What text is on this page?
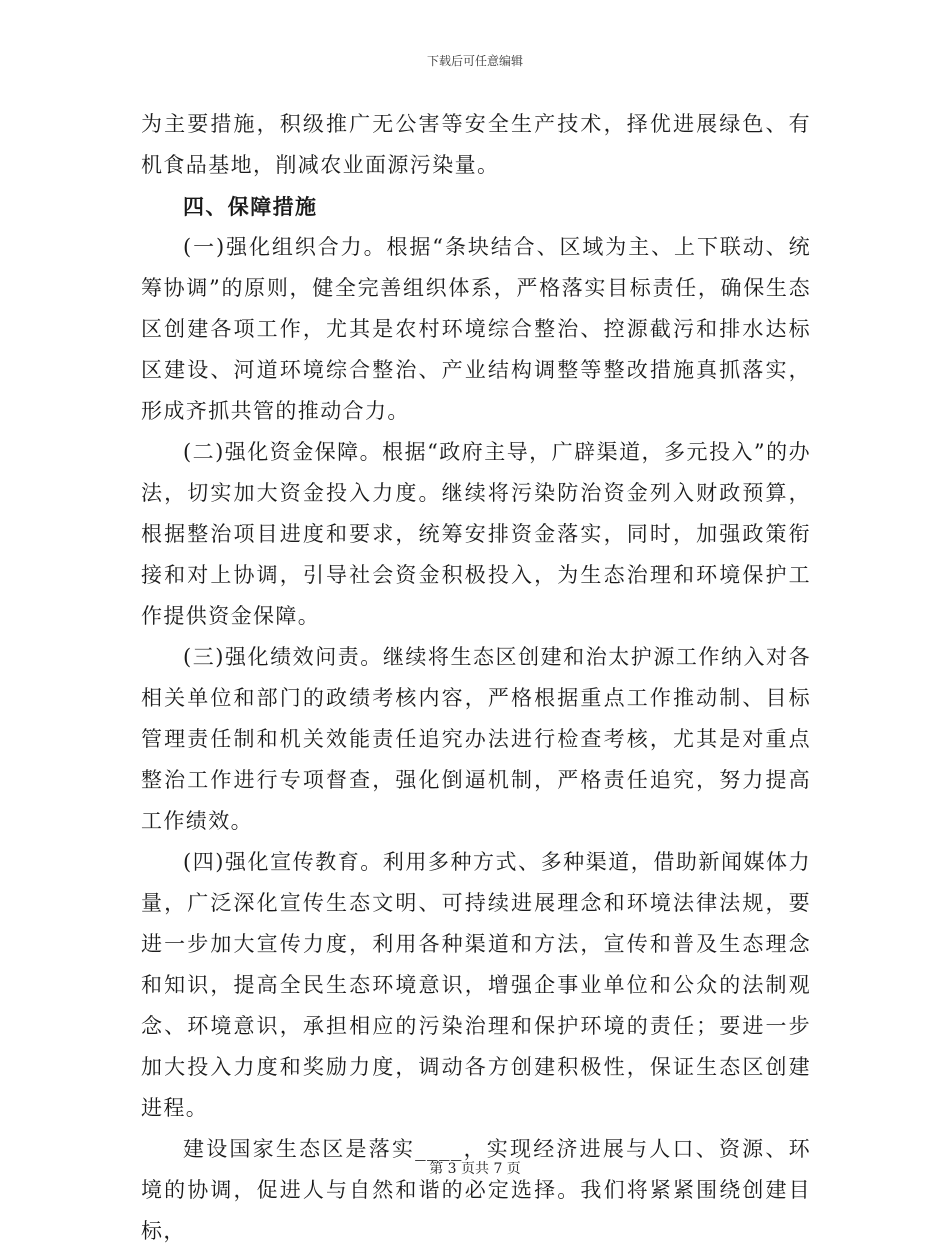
下载后可任意编辑

为主要措施，积级推广无公害等安全生产技术，择优进展绿色、有机食品基地，削减农业面源污染量。

四、保障措施

(一)强化组织合力。根据“条块结合、区域为主、上下联动、统筹协调”的原则，健全完善组织体系，严格落实目标责任，确保生态区创建各项工作，尤其是农村环境综合整治、控源截污和排水达标区建设、河道环境综合整治、产业结构调整等整改措施真抓落实，形成齐抓共管的推动合力。

(二)强化资金保障。根据“政府主导，广辟渠道，多元投入”的办法，切实加大资金投入力度。继续将污染防治资金列入财政预算，根据整治项目进度和要求，统筹安排资金落实，同时，加强政策衔接和对上协调，引导社会资金积极投入，为生态治理和环境保护工作提供资金保障。

(三)强化绩效问责。继续将生态区创建和治太护源工作纳入对各相关单位和部门的政绩考核内容，严格根据重点工作推动制、目标管理责任制和机关效能责任追究办法进行检查考核，尤其是对重点整治工作进行专项督查，强化倒逼机制，严格责任追究，努力提高工作绩效。

(四)强化宣传教育。利用多种方式、多种渠道，借助新闻媒体力量，广泛深化宣传生态文明、可持续进展理念和环境法律法规，要进一步加大宣传力度，利用各种渠道和方法，宣传和普及生态理念和知识，提高全民生态环境意识，增强企事业单位和公众的法制观念、环境意识，承担相应的污染治理和保护环境的责任；要进一步加大投入力度和奖励力度，调动各方创建积极性，保证生态区创建进程。

建设国家生态区是落实____，实现经济进展与人口、资源、环境的协调，促进人与自然和谐的必定选择。我们将紧紧围绕创建目标，

第 3 页共 7 页
